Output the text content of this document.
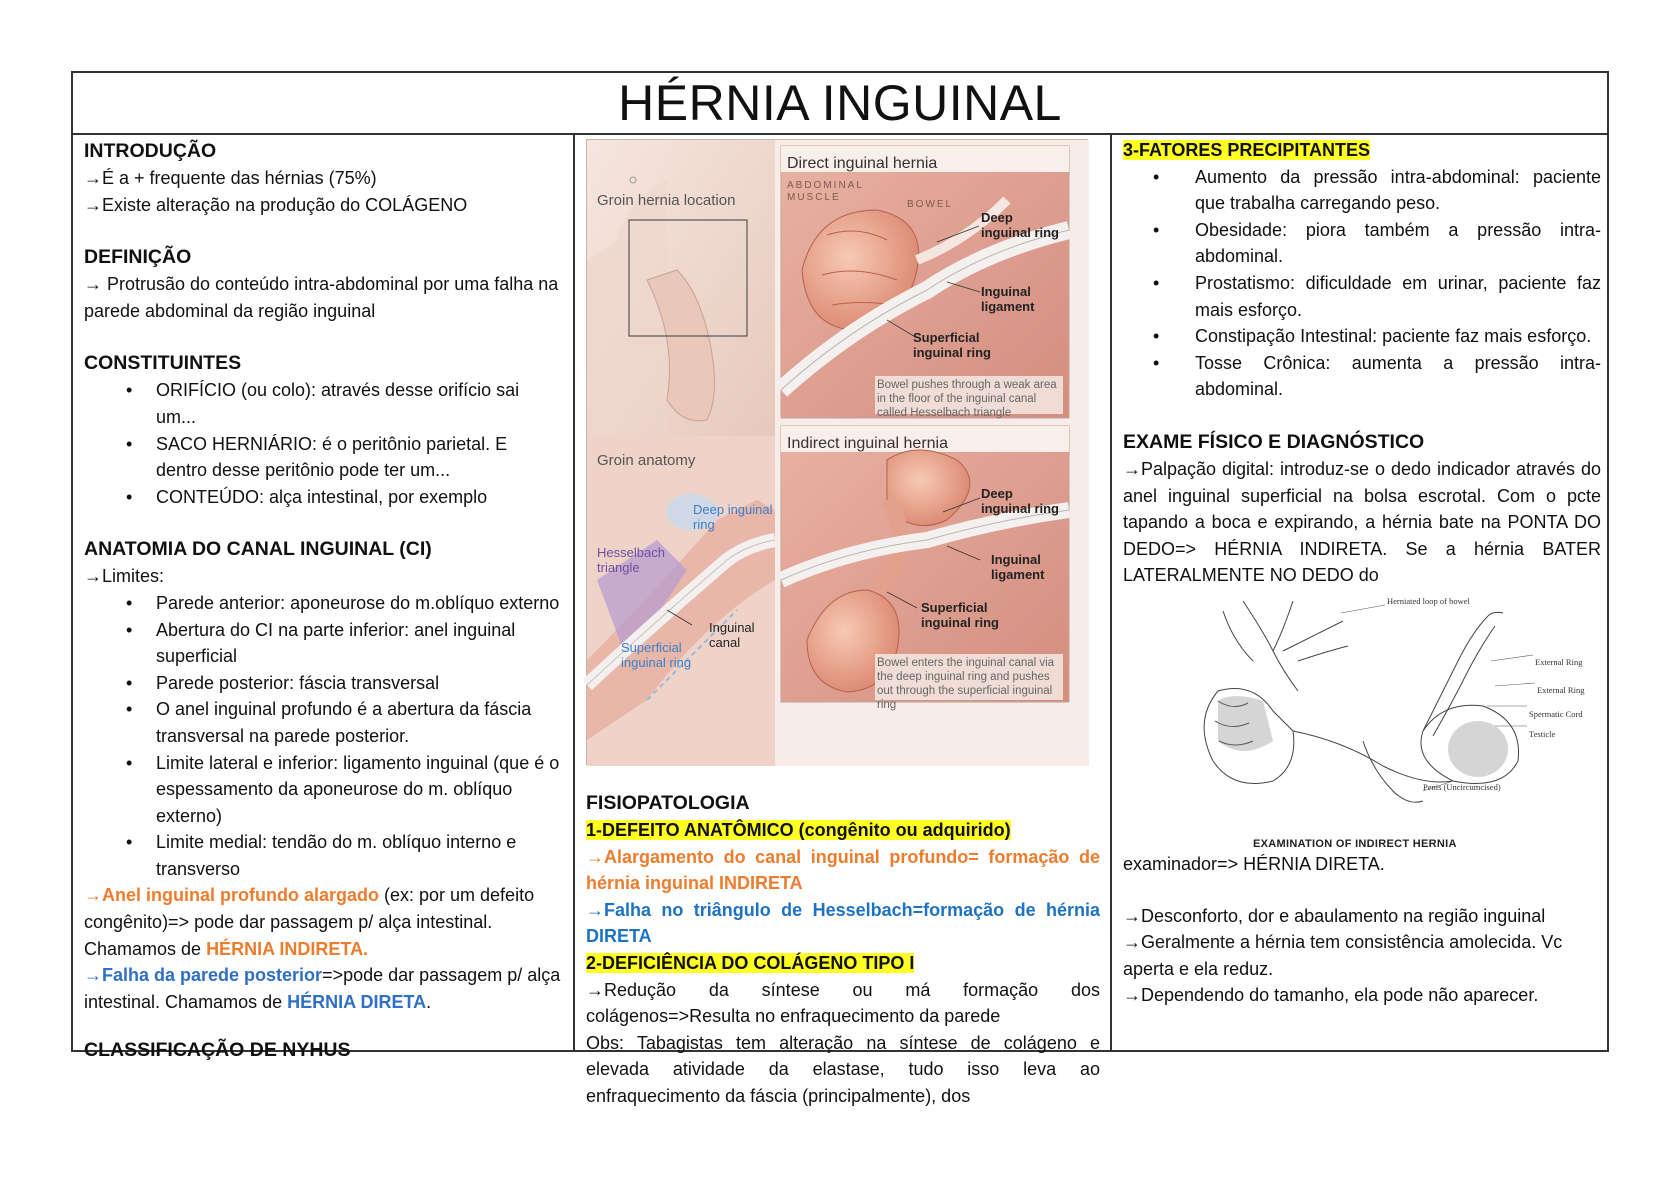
HÉRNIA INGUINAL
INTRODUÇÃO
→É a + frequente das hérnias (75%)
→Existe alteração na produção do COLÁGENO
DEFINIÇÃO
→ Protrusão do conteúdo intra-abdominal por uma falha na parede abdominal da região inguinal
CONSTITUINTES
• ORIFÍCIO (ou colo): através desse orifício sai um...
• SACO HERNIÁRIO: é o peritônio parietal. E dentro desse peritônio pode ter um...
• CONTEÚDO: alça intestinal, por exemplo
ANATOMIA DO CANAL INGUINAL (CI)
→Limites:
• Parede anterior: aponeurose do m.oblíquo externo
• Abertura do CI na parte inferior: anel inguinal superficial
• Parede posterior: fáscia transversal
• O anel inguinal profundo é a abertura da fáscia transversal na parede posterior.
• Limite lateral e inferior: ligamento inguinal (que é o espessamento da aponeurose do m. oblíquo externo)
• Limite medial: tendão do m. oblíquo interno e transverso
→Anel inguinal profundo alargado (ex: por um defeito congênito)=> pode dar passagem p/ alça intestinal. Chamamos de HÉRNIA INDIRETA.
→Falha da parede posterior=>pode dar passagem p/ alça intestinal. Chamamos de HÉRNIA DIRETA.
CLASSIFICAÇÃO DE NYHUS
Groin hernia location
Groin anatomy
Deep inguinal ring
Hesselbach triangle
Inguinal canal
Superficial inguinal ring
Direct inguinal hernia
ABDOMINAL MUSCLE
BOWEL
Deep inguinal ring
Inguinal ligament
Superficial inguinal ring
Bowel pushes through a weak area in the floor of the inguinal canal called Hesselbach triangle
Indirect inguinal hernia
Deep inguinal ring
Inguinal ligament
Superficial inguinal ring
Bowel enters the inguinal canal via the deep inguinal ring and pushes out through the superficial inguinal ring
FISIOPATOLOGIA
1-DEFEITO ANATÔMICO (congênito ou adquirido)
→Alargamento do canal inguinal profundo= formação de hérnia inguinal INDIRETA
→Falha no triângulo de Hesselbach=formação de hérnia DIRETA
2-DEFICIÊNCIA DO COLÁGENO TIPO I
→Redução da síntese ou má formação dos colágenos=>Resulta no enfraquecimento da parede
Obs: Tabagistas tem alteração na síntese de colágeno e elevada atividade da elastase, tudo isso leva ao enfraquecimento da fáscia (principalmente), dos
3-FATORES PRECIPITANTES
• Aumento da pressão intra-abdominal: paciente que trabalha carregando peso.
• Obesidade: piora também a pressão intra-abdominal.
• Prostatismo: dificuldade em urinar, paciente faz mais esforço.
• Constipação Intestinal: paciente faz mais esforço.
• Tosse Crônica: aumenta a pressão intra-abdominal.
EXAME FÍSICO E DIAGNÓSTICO
→Palpação digital: introduz-se o dedo indicador através do anel inguinal superficial na bolsa escrotal. Com o pcte tapando a boca e expirando, a hérnia bate na PONTA DO DEDO=> HÉRNIA INDIRETA. Se a hérnia BATER LATERALMENTE NO DEDO do
Herniated loop of bowel
External Ring
External Ring
Spermatic Cord
Testicle
Penis (Uncircumcised)
EXAMINATION OF INDIRECT HERNIA
examinador=> HÉRNIA DIRETA.
→Desconforto, dor e abaulamento na região inguinal
→Geralmente a hérnia tem consistência amolecida. Vc aperta e ela reduz.
→Dependendo do tamanho, ela pode não aparecer.
